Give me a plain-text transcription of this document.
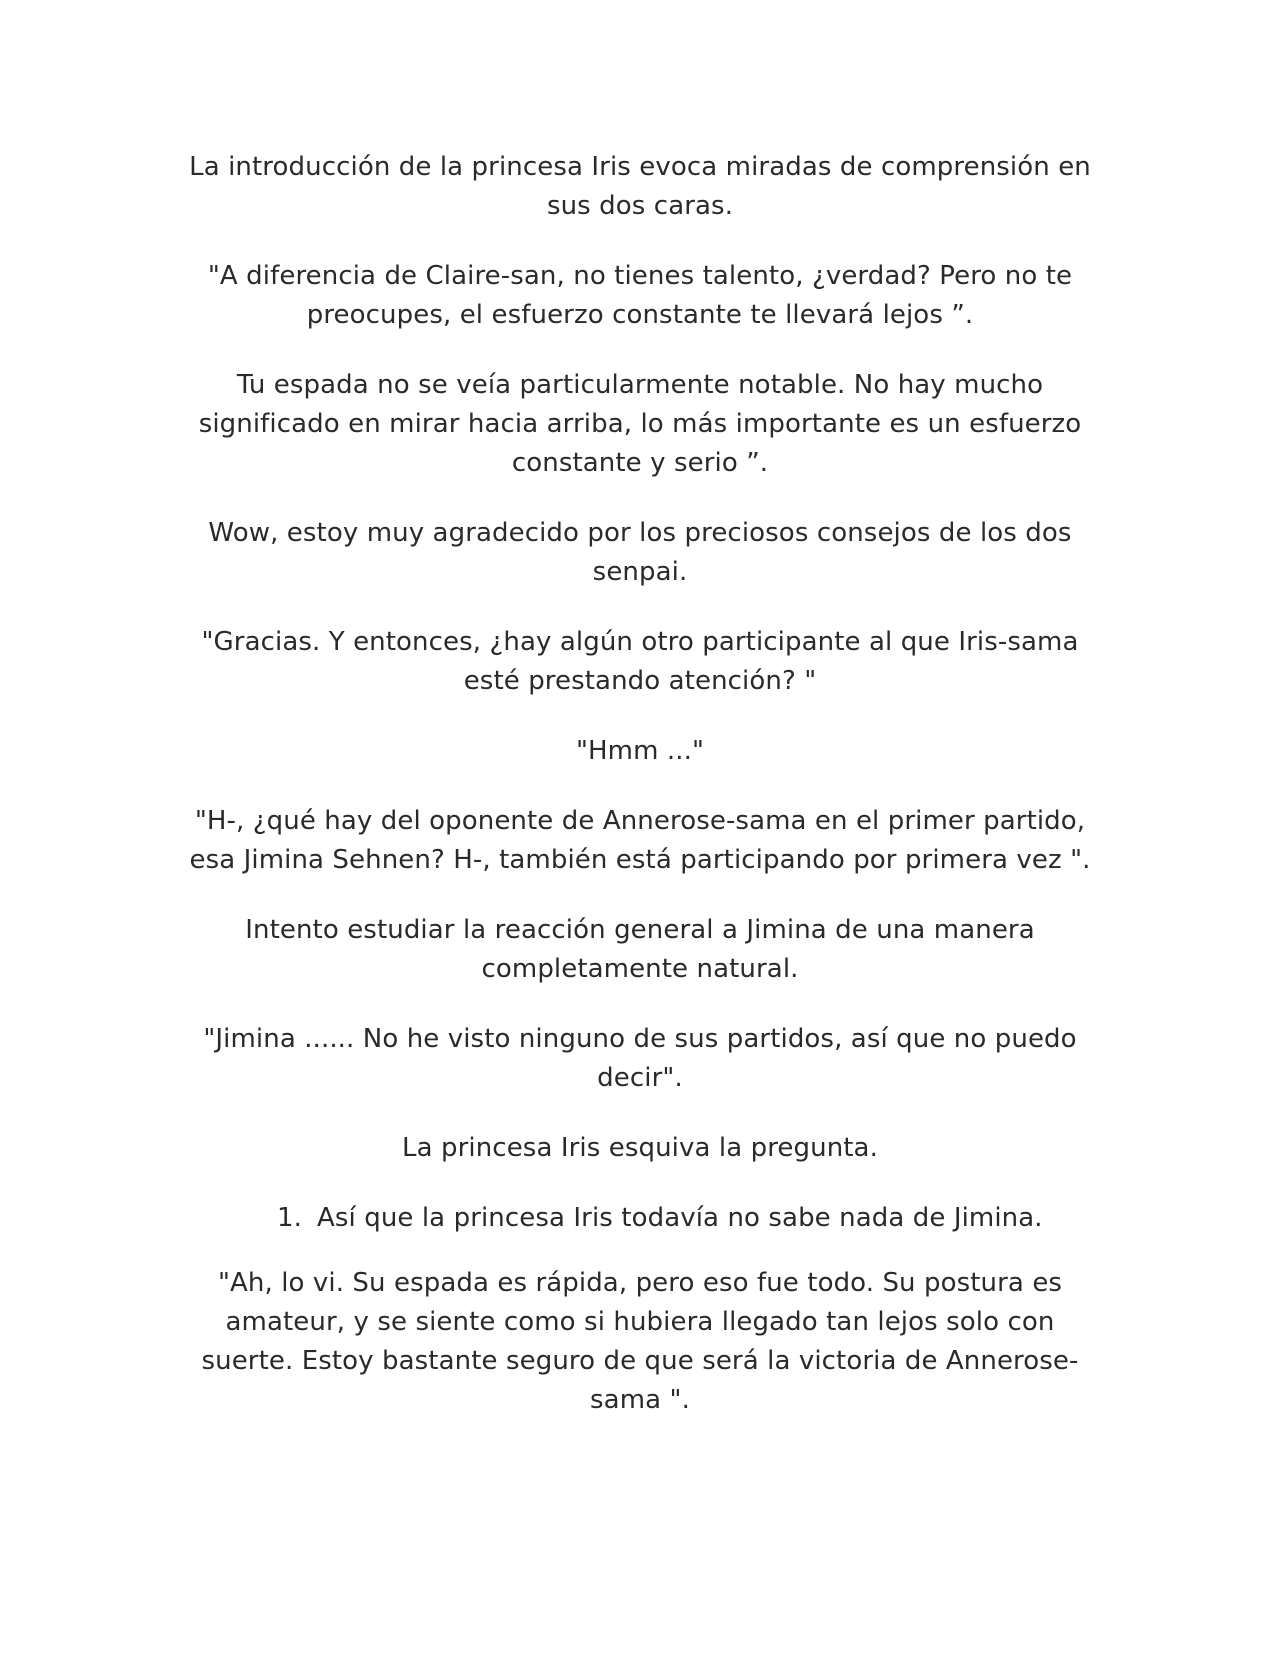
La introducción de la princesa Iris evoca miradas de comprensión en sus dos caras.

"A diferencia de Claire-san, no tienes talento, ¿verdad? Pero no te preocupes, el esfuerzo constante te llevará lejos ”.

Tu espada no se veía particularmente notable. No hay mucho significado en mirar hacia arriba, lo más importante es un esfuerzo constante y serio ”.

Wow, estoy muy agradecido por los preciosos consejos de los dos senpai.

"Gracias. Y entonces, ¿hay algún otro participante al que Iris-sama esté prestando atención? "

"Hmm ..."

"H-, ¿qué hay del oponente de Annerose-sama en el primer partido, esa Jimina Sehnen? H-, también está participando por primera vez ".

Intento estudiar la reacción general a Jimina de una manera completamente natural.

"Jimina ...... No he visto ninguno de sus partidos, así que no puedo decir".

La princesa Iris esquiva la pregunta.

1. Así que la princesa Iris todavía no sabe nada de Jimina.

"Ah, lo vi. Su espada es rápida, pero eso fue todo. Su postura es amateur, y se siente como si hubiera llegado tan lejos solo con suerte. Estoy bastante seguro de que será la victoria de Annerose-sama ".
